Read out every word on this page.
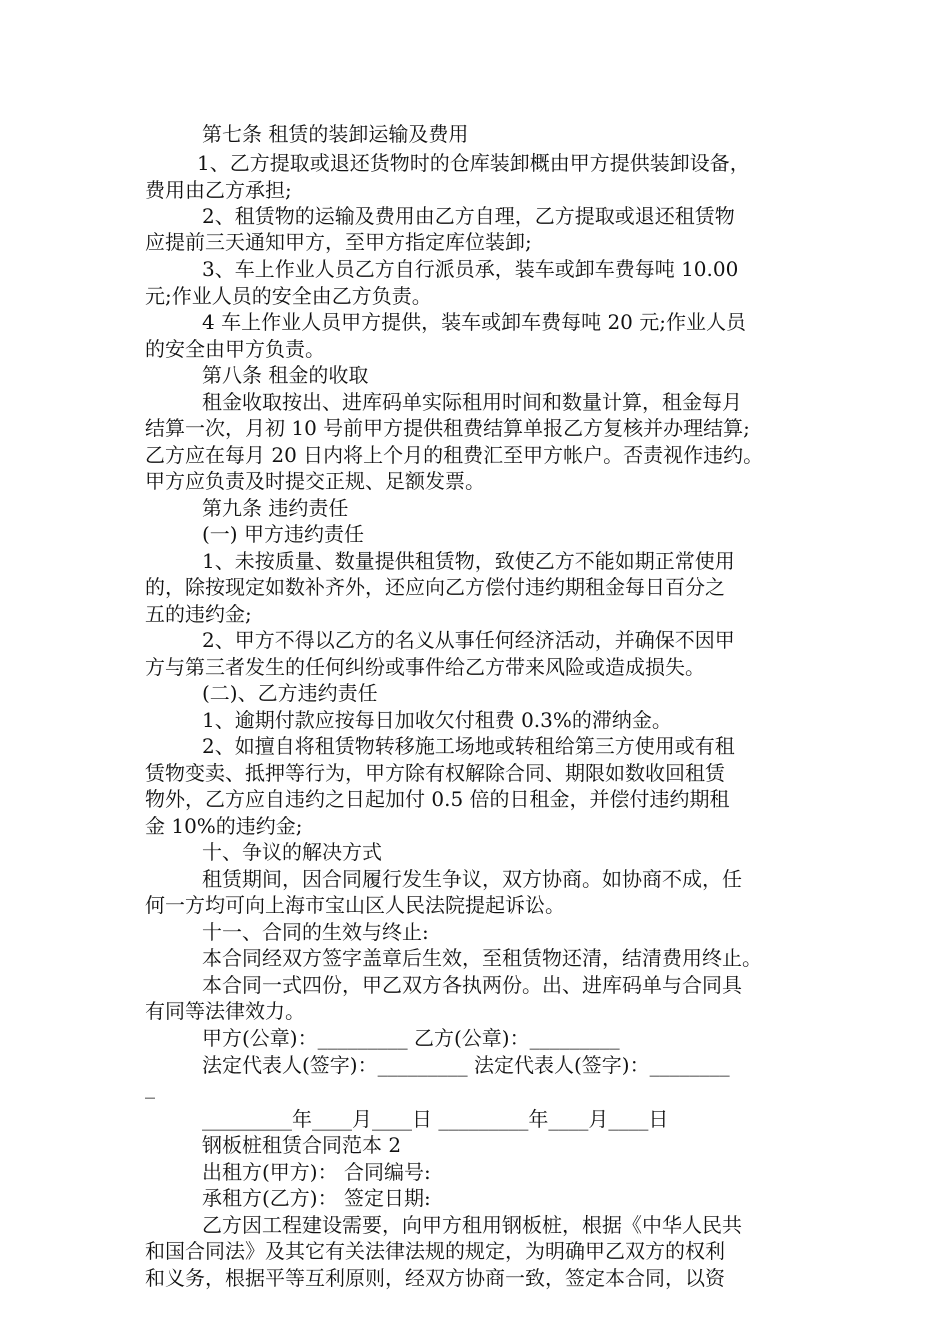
第七条 租赁的装卸运输及费用

1、乙方提取或退还货物时的仓库装卸概由甲方提供装卸设备，

费用由乙方承担;

2、租赁物的运输及费用由乙方自理，乙方提取或退还租赁物

应提前三天通知甲方，至甲方指定库位装卸;

3、车上作业人员乙方自行派员承，装车或卸车费每吨 10.00

元;作业人员的安全由乙方负责。

4 车上作业人员甲方提供，装车或卸车费每吨 20 元;作业人员

的安全由甲方负责。

第八条 租金的收取

租金收取按出、进库码单实际租用时间和数量计算，租金每月

结算一次，月初 10 号前甲方提供租费结算单报乙方复核并办理结算;

乙方应在每月 20 日内将上个月的租费汇至甲方帐户。否责视作违约。

甲方应负责及时提交正规、足额发票。

第九条 违约责任

(一) 甲方违约责任

1、未按质量、数量提供租赁物，致使乙方不能如期正常使用

的，除按现定如数补齐外，还应向乙方偿付违约期租金每日百分之

五的违约金;

2、甲方不得以乙方的名义从事任何经济活动，并确保不因甲

方与第三者发生的任何纠纷或事件给乙方带来风险或造成损失。

(二)、乙方违约责任

1、逾期付款应按每日加收欠付租费 0.3%的滞纳金。

2、如擅自将租赁物转移施工场地或转租给第三方使用或有租

赁物变卖、抵押等行为，甲方除有权解除合同、期限如数收回租赁

物外，乙方应自违约之日起加付 0.5 倍的日租金，并偿付违约期租

金 10%的违约金;

十、争议的解决方式

租赁期间，因合同履行发生争议，双方协商。如协商不成，任

何一方均可向上海市宝山区人民法院提起诉讼。

十一、合同的生效与终止:

本合同经双方签字盖章后生效，至租赁物还清，结清费用终止。

本合同一式四份，甲乙双方各执两份。出、进库码单与合同具

有同等法律效力。

甲方(公章)：_________ 乙方(公章)：_________

法定代表人(签字)：_________ 法定代表人(签字)：________

_

_________年____月____日 _________年____月____日

钢板桩租赁合同范本 2

出租方(甲方)： 合同编号:

承租方(乙方)： 签定日期:

乙方因工程建设需要，向甲方租用钢板桩，根据《中华人民共

和国合同法》及其它有关法律法规的规定，为明确甲乙双方的权利

和义务，根据平等互利原则，经双方协商一致，签定本合同，以资
